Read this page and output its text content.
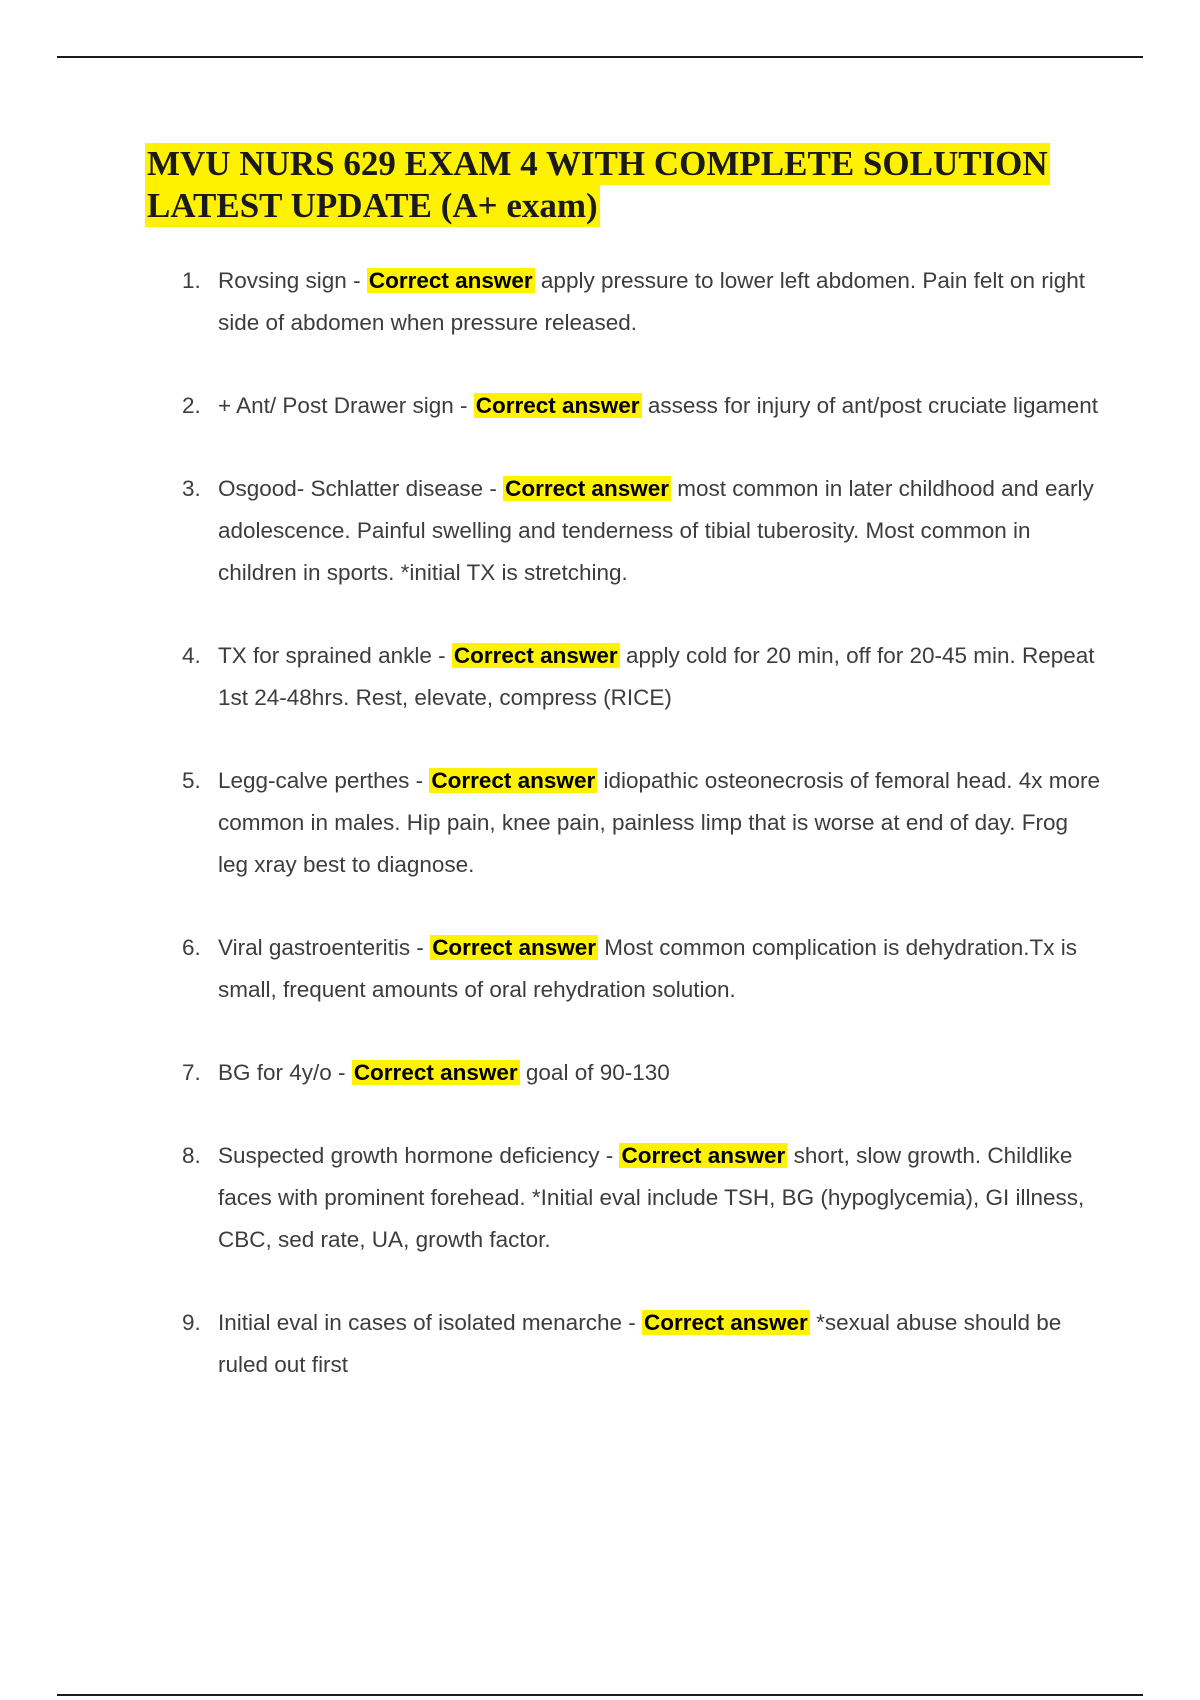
MVU NURS 629 EXAM 4 WITH COMPLETE SOLUTION
LATEST UPDATE (A+ exam)
1. Rovsing sign - Correct answer apply pressure to lower left abdomen. Pain felt on right side of abdomen when pressure released.
2. + Ant/ Post Drawer sign - Correct answer assess for injury of ant/post cruciate ligament
3. Osgood- Schlatter disease - Correct answer most common in later childhood and early adolescence. Painful swelling and tenderness of tibial tuberosity. Most common in children in sports. *initial TX is stretching.
4. TX for sprained ankle - Correct answer apply cold for 20 min, off for 20-45 min. Repeat 1st 24-48hrs. Rest, elevate, compress (RICE)
5. Legg-calve perthes - Correct answer idiopathic osteonecrosis of femoral head. 4x more common in males. Hip pain, knee pain, painless limp that is worse at end of day. Frog leg xray best to diagnose.
6. Viral gastroenteritis - Correct answer Most common complication is dehydration.Tx is small, frequent amounts of oral rehydration solution.
7. BG for 4y/o - Correct answer goal of 90-130
8. Suspected growth hormone deficiency - Correct answer short, slow growth. Childlike faces with prominent forehead. *Initial eval include TSH, BG (hypoglycemia), GI illness, CBC, sed rate, UA, growth factor.
9. Initial eval in cases of isolated menarche - Correct answer *sexual abuse should be ruled out first
